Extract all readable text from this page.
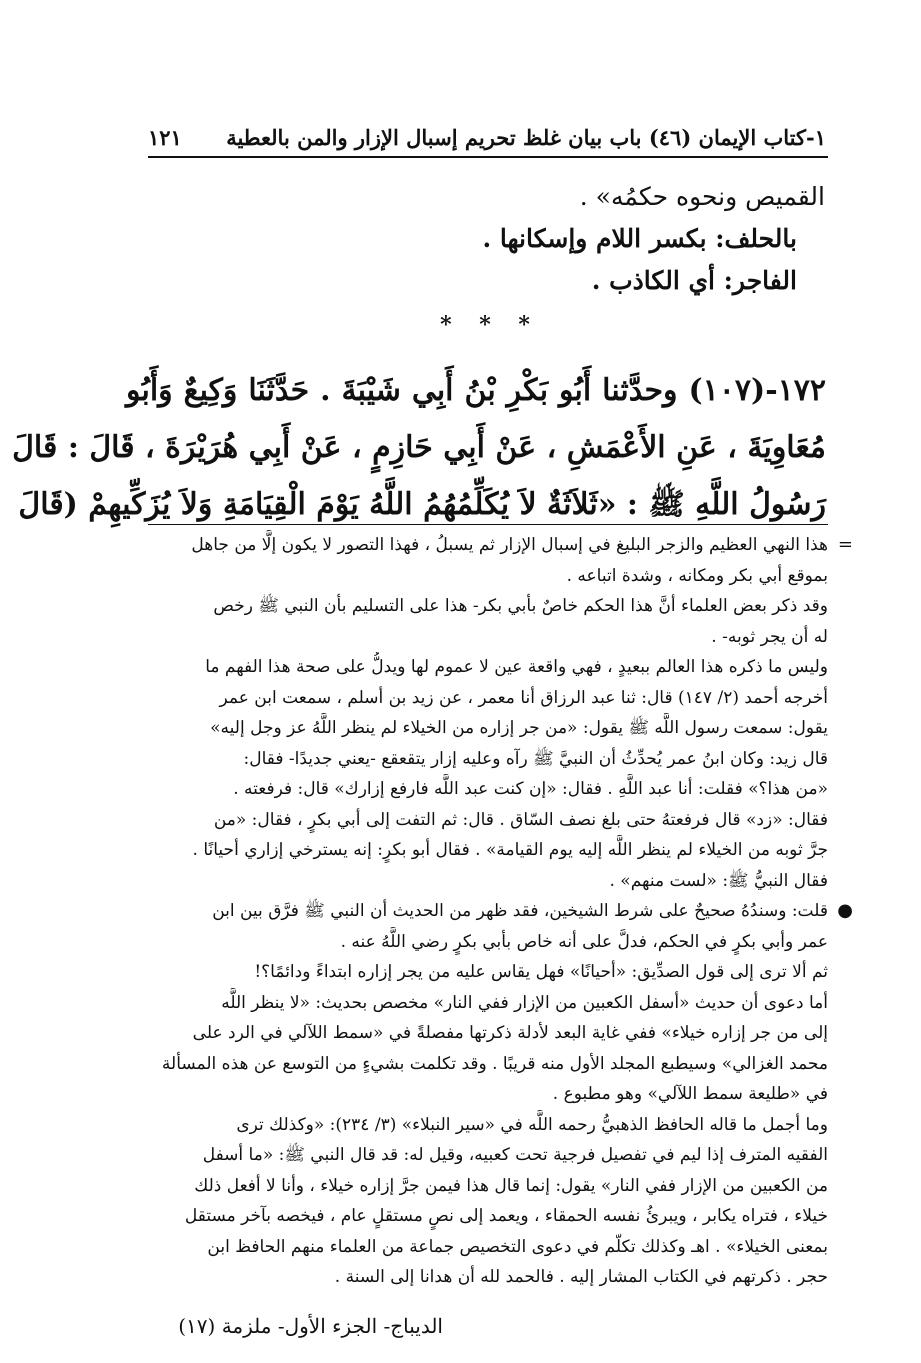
١-كتاب الإيمان (٤٦) باب بيان غلظ تحريم إسبال الإزار والمن بالعطية
١٢١
القميص ونحوه حكمُه» .
بالحلف: بكسر اللام وإسكانها .
الفاجر: أي الكاذب .
* * *
١٧٢-(١٠٧) وحدَّثنا أَبُو بَكْرِ بْنُ أَبِي شَيْبَةَ . حَدَّثَنَا وَكِيعٌ وَأَبُو
مُعَاوِيَةَ ، عَنِ الأَعْمَشِ ، عَنْ أَبِي حَازِمٍ ، عَنْ أَبِي هُرَيْرَةَ ، قَالَ : قَالَ
رَسُولُ اللَّهِ ﷺ : «ثَلاَثَةٌ لاَ يُكَلِّمُهُمُ اللَّهُ يَوْمَ الْقِيَامَةِ وَلاَ يُزَكِّيهِمْ (قَالَ
=

هذا النهي العظيم والزجر البليغ في إسبال الإزار ثم يسبلُ ، فهذا التصور لا يكون إلَّا من جاهل

بموقع أبي بكر ومكانه ، وشدة اتباعه .

وقد ذكر بعض العلماء أنَّ هذا الحكم خاصٌ بأبي بكر- هذا على التسليم بأن النبي ﷺ رخص

له أن يجر ثوبه- .

وليس ما ذكره هذا العالم ببعيدٍ ، فهي واقعة عين لا عموم لها ويدلُّ على صحة هذا الفهم ما

أخرجه أحمد (٢/ ١٤٧) قال: ثنا عبد الرزاق أنا معمر ، عن زيد بن أسلم ، سمعت ابن عمر

يقول: سمعت رسول اللَّه ﷺ يقول: «من جر إزاره من الخيلاء لم ينظر اللَّهُ عز وجل إليه»

قال زيد: وكان ابنُ عمر يُحدِّثُ أن النبيَّ ﷺ رآه وعليه إزار يتقعقع -يعني جديدًا- فقال:

«من هذا؟» فقلت: أنا عبد اللَّهِ . فقال: «إن كنت عبد اللَّه فارفع إزارك» قال: فرفعته .

فقال: «زد» قال فرفعتهُ حتى بلغ نصف السّاق . قال: ثم التفت إلى أبي بكرٍ ، فقال: «من

جرَّ ثوبه من الخيلاء لم ينظر اللَّه إليه يوم القيامة» . فقال أبو بكرٍ: إنه يسترخي إزاري أحيانًا .

فقال النبيُّ ﷺ: «لست منهم» .

●

قلت: وسندُهُ صحيحٌ على شرط الشيخين، فقد ظهر من الحديث أن النبي ﷺ فرَّق بين ابن

عمر وأبي بكرٍ في الحكم، فدلَّ على أنه خاص بأبي بكرٍ رضي اللَّهُ عنه .

ثم ألا ترى إلى قول الصدِّيق: «أحيانًا» فهل يقاس عليه من يجر إزاره ابتداءً ودائمًا؟!

أما دعوى أن حديث «أسفل الكعبين من الإزار ففي النار» مخصص بحديث: «لا ينظر اللَّه

إلى من جر إزاره خيلاء» ففي غاية البعد لأدلة ذكرتها مفصلةً في «سمط اللآلي في الرد على

محمد الغزالي» وسيطبع المجلد الأول منه قريبًا . وقد تكلمت بشيءٍ من التوسع عن هذه المسألة

في «طليعة سمط اللآلي» وهو مطبوع .

وما أجمل ما قاله الحافظ الذهبيُّ رحمه اللَّه في «سير النبلاء» (٣/ ٢٣٤): «وكذلك ترى

الفقيه المترف إذا ليم في تفصيل فرجية تحت كعبيه، وقيل له: قد قال النبي ﷺ: «ما أسفل

من الكعبين من الإزار ففي النار» يقول: إنما قال هذا فيمن جرَّ إزاره خيلاء ، وأنا لا أفعل ذلك

خيلاء ، فتراه يكابر ، ويبرئُ نفسه الحمقاء ، ويعمد إلى نصٍ مستقلٍ عام ، فيخصه بآخر مستقل

بمعنى الخيلاء» . اهـ وكذلك تكلّم في دعوى التخصيص جماعة من العلماء منهم الحافظ ابن

حجر . ذكرتهم في الكتاب المشار إليه . فالحمد لله أن هدانا إلى السنة .

الديباج- الجزء الأول- ملزمة (١٧)
